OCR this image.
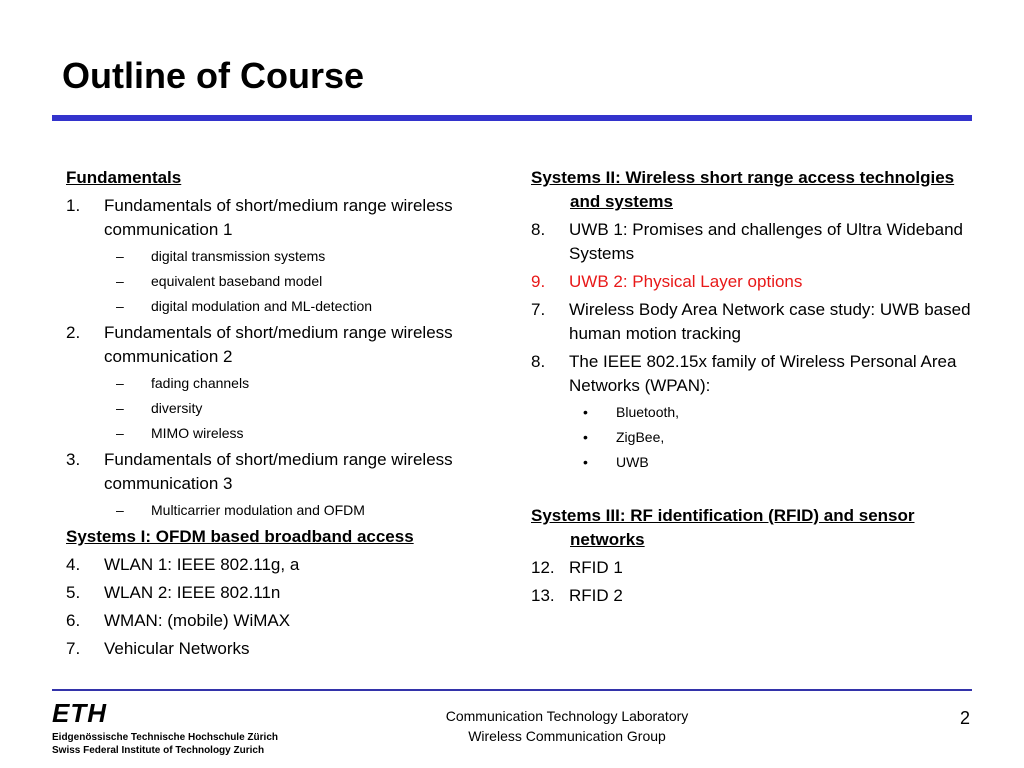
Outline of Course
Fundamentals
1. Fundamentals of short/medium range wireless communication 1
– digital transmission systems
– equivalent baseband model
– digital modulation and ML-detection
2. Fundamentals of short/medium range wireless communication 2
– fading channels
– diversity
– MIMO wireless
3. Fundamentals of short/medium range wireless communication 3
– Multicarrier modulation and OFDM
Systems I: OFDM based broadband access
4. WLAN 1: IEEE 802.11g, a
5. WLAN 2: IEEE 802.11n
6. WMAN: (mobile) WiMAX
7. Vehicular Networks
Systems II: Wireless short range access technolgies and systems
8. UWB 1: Promises and challenges of Ultra Wideband Systems
9. UWB 2: Physical Layer options
7. Wireless Body Area Network case study: UWB based human motion tracking
8. The IEEE 802.15x family of Wireless Personal Area Networks (WPAN):
• Bluetooth,
• ZigBee,
• UWB
Systems III: RF identification (RFID) and sensor networks
12. RFID 1
13. RFID 2
ETH
Eidgenössische Technische Hochschule Zürich
Swiss Federal Institute of Technology Zurich
Communication Technology Laboratory
Wireless Communication Group
2
